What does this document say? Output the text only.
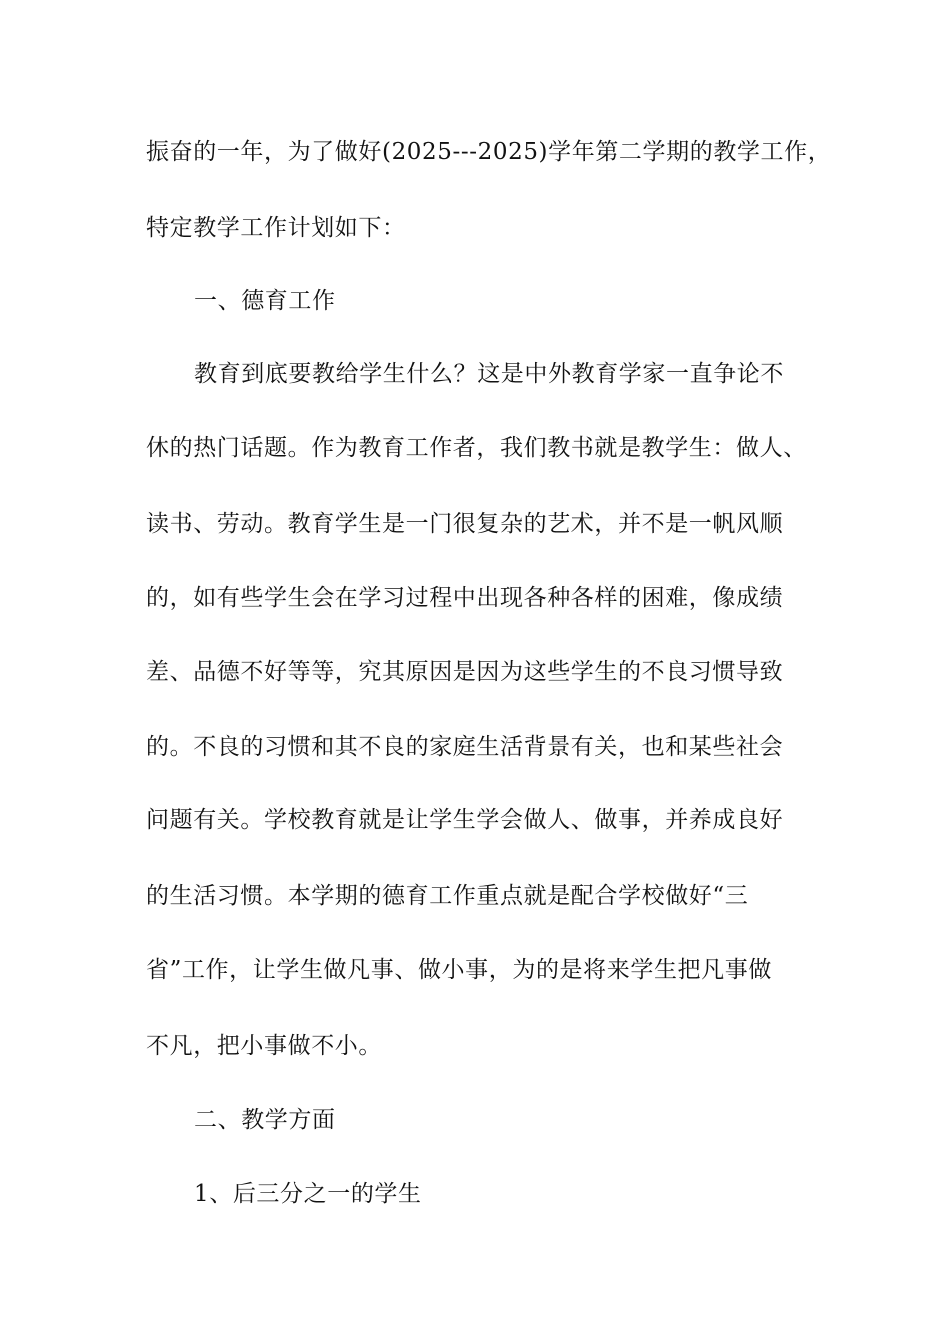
振奋的一年，为了做好(2025---2025)学年第二学期的教学工作，
特定教学工作计划如下：
一、德育工作
教育到底要教给学生什么？这是中外教育学家一直争论不
休的热门话题。作为教育工作者，我们教书就是教学生：做人、
读书、劳动。教育学生是一门很复杂的艺术，并不是一帆风顺
的，如有些学生会在学习过程中出现各种各样的困难，像成绩
差、品德不好等等，究其原因是因为这些学生的不良习惯导致
的。不良的习惯和其不良的家庭生活背景有关，也和某些社会
问题有关。学校教育就是让学生学会做人、做事，并养成良好
的生活习惯。本学期的德育工作重点就是配合学校做好“三
省”工作，让学生做凡事、做小事，为的是将来学生把凡事做
不凡，把小事做不小。
二、教学方面
1、后三分之一的学生
